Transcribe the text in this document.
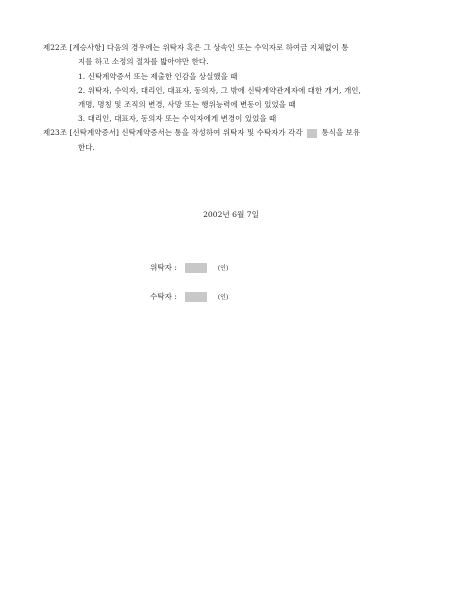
제22조 [계승사항] 다음의 경우에는 위탁자 혹은 그 상속인 또는 수익자로 하여금 지체없이 통
지를 하고 소정의 절차를 밟아야만 한다.
1. 신탁계약증서 또는 제출한 인감을 상실했을 때
2. 위탁자, 수익자, 대리인, 대표자, 동의자, 그 밖에 신탁계약관계자에 대한 개거, 개인,
개명, 명칭 및 조직의 변경, 사망 또는 행위능력에 변동이 있었을 때
3. 대리인, 대표자, 동의자 또는 수익자에게 변경이 있었을 때
제23조 [신탁계약증서] 신탁계약증서는 통을 작성하여 위탁자 및 수탁자가 각각	통식을 보유
한다.
2002년 6월 7일
위탁자 :	(인)
수탁자 :	(인)
